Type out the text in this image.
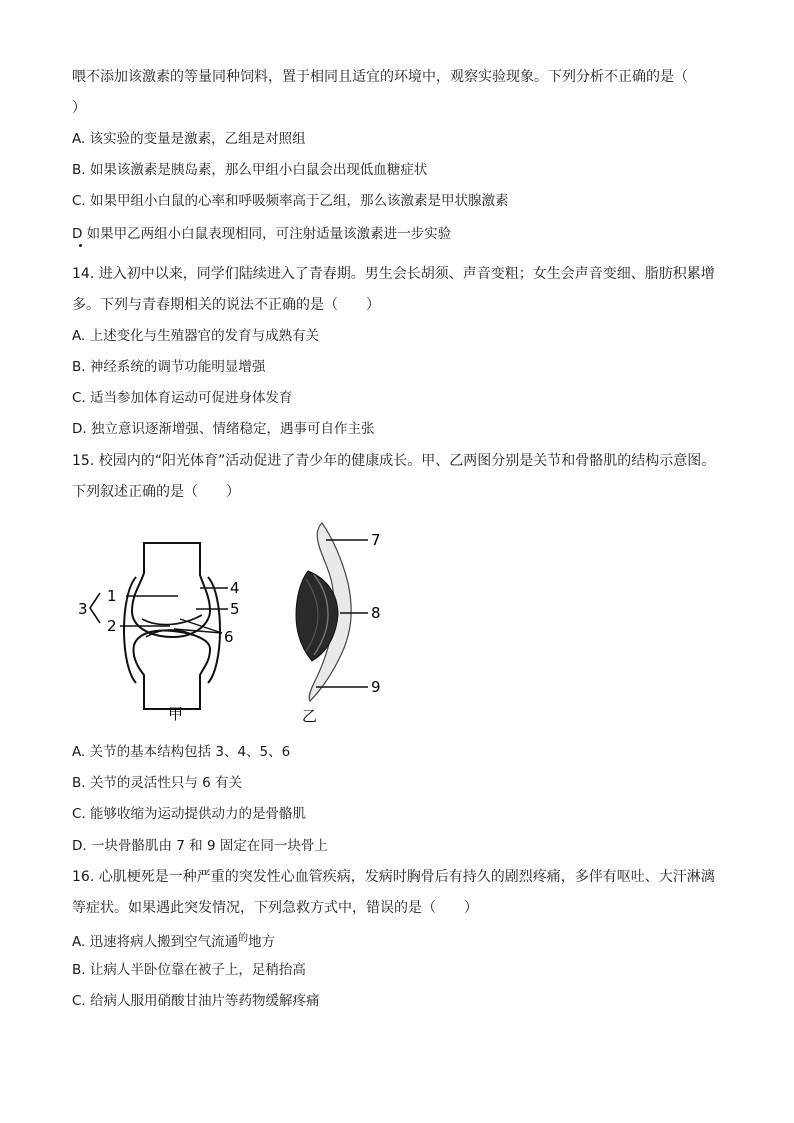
喂不添加该激素的等量同种饲料，置于相同且适宜的环境中，观察实验现象。下列分析不正确的是（
）
A. 该实验的变量是激素，乙组是对照组
B. 如果该激素是胰岛素，那么甲组小白鼠会出现低血糖症状
C. 如果甲组小白鼠的心率和呼吸频率高于乙组，那么该激素是甲状腺激素
D 如果甲乙两组小白鼠表现相同，可注射适量该激素进一步实验
14. 进入初中以来，同学们陆续进入了青春期。男生会长胡须、声音变粗；女生会声音变细、脂肪积累增
多。下列与青春期相关的说法不正确的是（　　）
A. 上述变化与生殖器官的发育与成熟有关
B. 神经系统的调节功能明显增强
C. 适当参加体育运动可促进身体发育
D. 独立意识逐渐增强、情绪稳定，遇事可自作主张
15. 校园内的“阳光体育”活动促进了青少年的健康成长。甲、乙两图分别是关节和骨骼肌的结构示意图。
下列叙述正确的是（　　）
3
1
2
4
5
6
甲
7
8
9
乙
A. 关节的基本结构包括 3、4、5、6
B. 关节的灵活性只与 6 有关
C. 能够收缩为运动提供动力的是骨骼肌
D. 一块骨骼肌由 7 和 9 固定在同一块骨上
16. 心肌梗死是一种严重的突发性心血管疾病，发病时胸骨后有持久的剧烈疼痛，多伴有呕吐、大汗淋漓
等症状。如果遇此突发情况，下列急救方式中，错误的是（　　）
A. 迅速将病人搬到空气流通$^的$地方
B. 让病人半卧位靠在被子上，足稍抬高
C. 给病人服用硝酸甘油片等药物缓解疼痛
